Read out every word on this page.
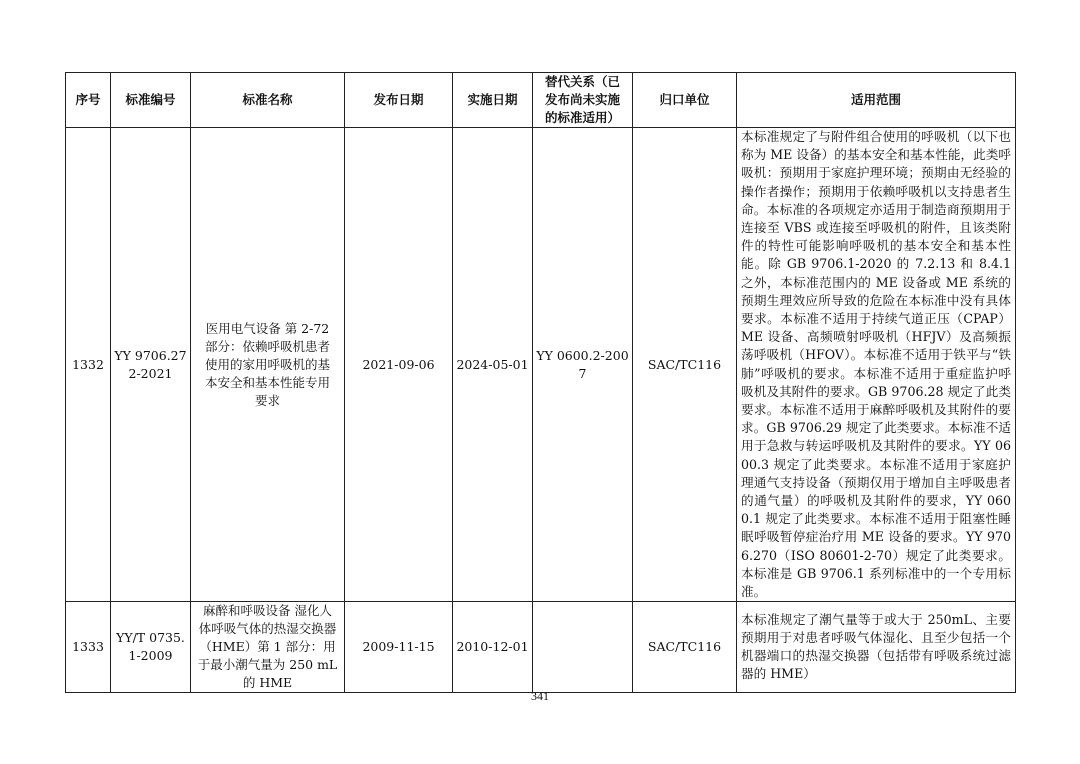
序号	标准编号	标准名称	发布日期	实施日期	替代关系（已发布尚未实施的标准适用）	归口单位	适用范围
1332	YY 9706.272-2021	医用电气设备 第 2-72 部分：依赖呼吸机患者使用的家用呼吸机的基本安全和基本性能专用要求	2021-09-06	2024-05-01	YY 0600.2-2007	SAC/TC116	本标准规定了与附件组合使用的呼吸机（以下也称为 ME 设备）的基本安全和基本性能，此类呼吸机：预期用于家庭护理环境；预期由无经验的操作者操作；预期用于依赖呼吸机以支持患者生命。本标准的各项规定亦适用于制造商预期用于连接至 VBS 或连接至呼吸机的附件，且该类附件的特性可能影响呼吸机的基本安全和基本性能。除 GB 9706.1-2020 的 7.2.13 和 8.4.1 之外，本标准范围内的 ME 设备或 ME 系统的预期生理效应所导致的危险在本标准中没有具体要求。本标准不适用于持续气道正压（CPAP）ME 设备、高频喷射呼吸机（HFJV）及高频振荡呼吸机（HFOV）。本标准不适用于铁平与“铁肺”呼吸机的要求。本标准不适用于重症监护呼吸机及其附件的要求。GB 9706.28 规定了此类要求。本标准不适用于麻醉呼吸机及其附件的要求。GB 9706.29 规定了此类要求。本标准不适用于急救与转运呼吸机及其附件的要求。YY 0600.3 规定了此类要求。本标准不适用于家庭护理通气支持设备（预期仅用于增加自主呼吸患者的通气量）的呼吸机及其附件的要求，YY 0600.1 规定了此类要求。本标准不适用于阻塞性睡眠呼吸暂停症治疗用 ME 设备的要求。YY 9706.270（ISO 80601-2-70）规定了此类要求。本标准是 GB 9706.1 系列标准中的一个专用标准。
1333	YY/T 0735.1-2009	麻醉和呼吸设备 湿化人体呼吸气体的热湿交换器（HME）第 1 部分：用于最小潮气量为 250 mL 的 HME	2009-11-15	2010-12-01		SAC/TC116	本标准规定了潮气量等于或大于 250mL、主要预期用于对患者呼吸气体湿化、且至少包括一个机器端口的热湿交换器（包括带有呼吸系统过滤器的 HME）
341
